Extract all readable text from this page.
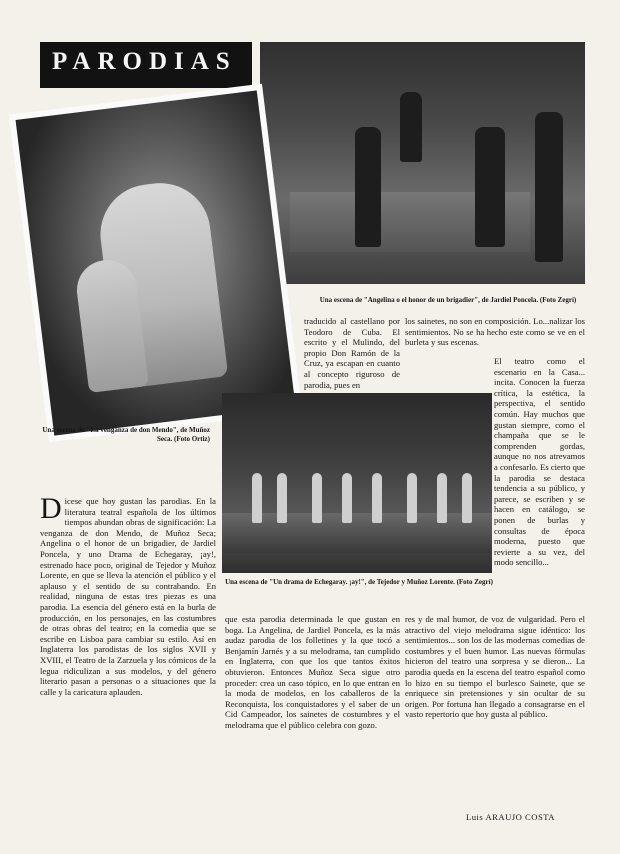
PARODIAS
Una escena de "Angelina o el honor de un brigadier", de Jardiel Poncela. (Foto Zegrí)
Una escena de "La venganza de don Mendo", de Muñoz Seca. (Foto Ortiz)
Una escena de "Un drama de Echegaray. ¡ay!", de Tejedor y Muñoz Lorente. (Foto Zegrí)
traducido al castellano por Teodoro de Cuba. El escrito y el Mulindo, del propio Don Ramón de la Cruz, ya escapan en cuanto al concepto riguroso de parodia, pues en
los sainetes, no son en composición. Lo...nalizar los sentimientos. No se ha hecho este como se ve en el burleta y sus escenas.
El teatro como el escenario en la Casa... incita. Conocen la fuerza crítica, la estética, la perspectiva, el sentido común. Hay muchos que gustan siempre, como el champaña que se le comprenden gordas, aunque no nos atrevamos a confesarlo. Es cierto que la parodia se destaca tendencia a su público, y parece, se escriben y se hacen en catálogo, se ponen de burlas y consultas de época moderna, puesto que revierte a su vez, del modo sencillo...
Dicese que hoy gustan las parodias. En la literatura teatral española de los últimos tiempos abundan obras de significación: La venganza de don Mendo, de Muñoz Seca; Angelina o el honor de un brigadier, de Jardiel Poncela, y uno Drama de Echegaray, ¡ay!, estrenado hace poco, original de Tejedor y Muñoz Lorente, en que se lleva la atención el público y el aplauso y el sentido de su contrabando. En realidad, ninguna de estas tres piezas es una parodia. La esencia del género está en la burla de producción, en los personajes, en las costumbres de otras obras del teatro; en la comedia que se escribe en Lisboa para cambiar su estilo. Así en Inglaterra los parodistas de los siglos XVII y XVIII, el Teatro de la Zarzuela y los cómicos de la legua ridiculizan a sus modelos, y del género literario pasan a personas o a situaciones que la calle y la caricatura aplauden.
que esta parodia determinada le que gustan en boga. La Angelina, de Jardiel Poncela, es la más audaz parodia de los folletines y la que tocó a Benjamín Jarnés y a su melodrama, tan cumplido en Inglaterra, con que los que tantos éxitos obtuvieron. Entonces Muñoz Seca sigue otro proceder: crea un caso tópico, en lo que entran en la moda de modelos, en los caballeros de la Reconquista, los conquistadores y el saber de un Cid Campeador, los sainetes de costumbres y el melodrama que el público celebra con gozo.
res y de mal humor, de voz de vulgaridad. Pero el atractivo del viejo melodrama sigue idéntico: los sentimientos... son los de las modernas comedias de costumbres y el buen humor. Las nuevas fórmulas hicieron del teatro una sorpresa y se dieron... La parodia queda en la escena del teatro español como lo hizo en su tiempo el burlesco Sainete, que se enriquece sin pretensiones y sin ocultar de su origen. Por fortuna han llegado a consagrarse en el vasto repertorio que hoy gusta al público.
Luis ARAUJO COSTA
